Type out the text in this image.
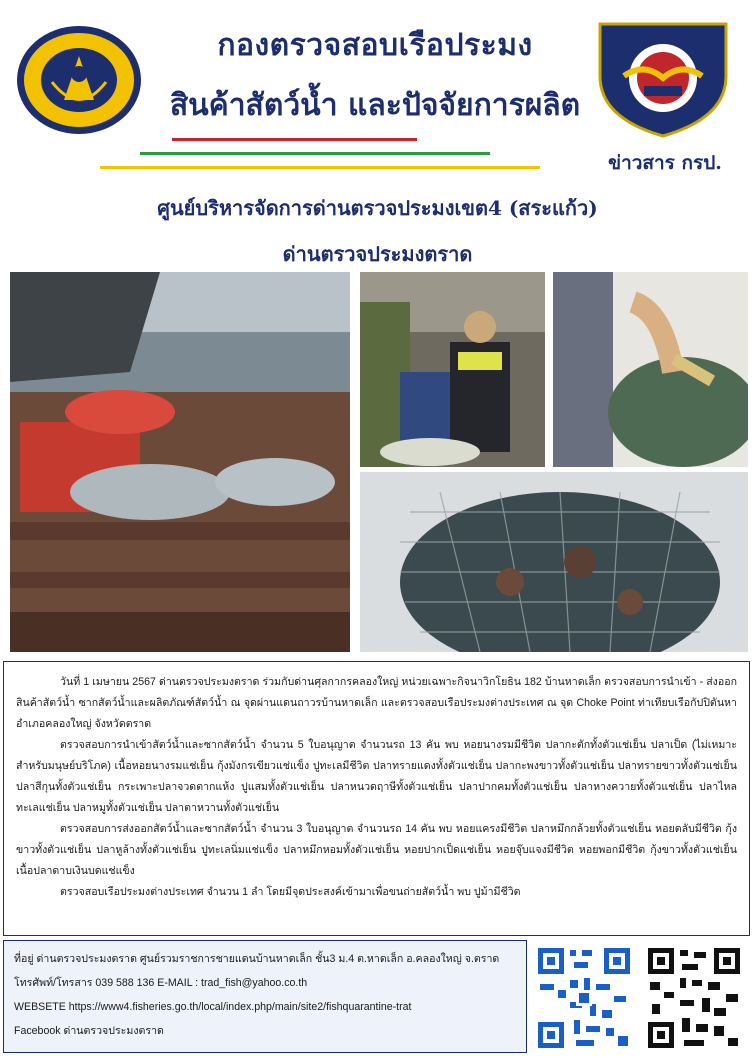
กองตรวจสอบเรือประมง
สินค้าสัตว์น้ำ และปัจจัยการผลิต
ข่าวสาร กรป.
ศูนย์บริหารจัดการด่านตรวจประมงเขต4 (สระแก้ว)
ด่านตรวจประมงตราด

วันที่ 1 เมษายน 2567 ด่านตรวจประมงตราด ร่วมกับด่านศุลกากรคลองใหญ่ หน่วยเฉพาะกิจนาวิกโยธิน 182 บ้านหาดเล็ก ตรวจสอบการนำเข้า - ส่งออกสินค้าสัตว์น้ำ ซากสัตว์น้ำและผลิตภัณฑ์สัตว์น้ำ ณ จุดผ่านแดนถาวรบ้านหาดเล็ก และตรวจสอบเรือประมงต่างประเทศ ณ จุด Choke Point ท่าเทียบเรือกัปปิตันหา อำเภอคลองใหญ่ จังหวัดตราด

ตรวจสอบการนำเข้าสัตว์น้ำและซากสัตว์น้ำ จำนวน 5 ใบอนุญาต จำนวนรถ 13 คัน พบ หอยนางรมมีชีวิต ปลากะตักทั้งตัวแช่เย็น ปลาเป็ด (ไม่เหมาะสำหรับมนุษย์บริโภค) เนื้อหอยนางรมแช่เย็น กุ้งมังกรเขียวแช่แข็ง ปูทะเลมีชีวิต ปลาทรายแดงทั้งตัวแช่เย็น ปลากะพงขาวทั้งตัวแช่เย็น ปลาทรายขาวทั้งตัวแช่เย็น ปลาสีกุนทั้งตัวแช่เย็น กระเพาะปลาจวดตากแห้ง ปูแสมทั้งตัวแช่เย็น ปลาหนวดฤาษีทั้งตัวแช่เย็น ปลาปากคมทั้งตัวแช่เย็น ปลาหางควายทั้งตัวแช่เย็น ปลาไหลทะเลแช่เย็น ปลาหมูทั้งตัวแช่เย็น ปลาตาหวานทั้งตัวแช่เย็น

ตรวจสอบการส่งออกสัตว์น้ำและซากสัตว์น้ำ จำนวน 3 ใบอนุญาต จำนวนรถ 14 คัน พบ หอยแครงมีชีวิต ปลาหมึกกล้วยทั้งตัวแช่เย็น หอยตลับมีชีวิต กุ้งขาวทั้งตัวแช่เย็น ปลาหูล้างทั้งตัวแช่เย็น ปูทะเลนิ่มแช่แข็ง ปลาหมึกหอมทั้งตัวแช่เย็น หอยปากเป็ดแช่เย็น หอยจุ๊บแจงมีชีวิต หอยพอกมีชีวิต กุ้งขาวทั้งตัวแช่เย็น เนื้อปลาดาบเงินบดแช่แข็ง

ตรวจสอบเรือประมงต่างประเทศ จำนวน 1 ลำ โดยมีจุดประสงค์เข้ามาเพื่อขนถ่ายสัตว์น้ำ พบ ปูม้ามีชีวิต

ที่อยู่ ด่านตรวจประมงตราด ศูนย์รวมราชการชายแดนบ้านหาดเล็ก ชั้น3 ม.4 ต.หาดเล็ก อ.คลองใหญ่ จ.ตราด
โทรศัพท์/โทรสาร 039 588 136 E-MAIL : trad_fish@yahoo.co.th
WEBSETE https://www4.fisheries.go.th/local/index.php/main/site2/fishquarantine-trat
Facebook ด่านตรวจประมงตราด
